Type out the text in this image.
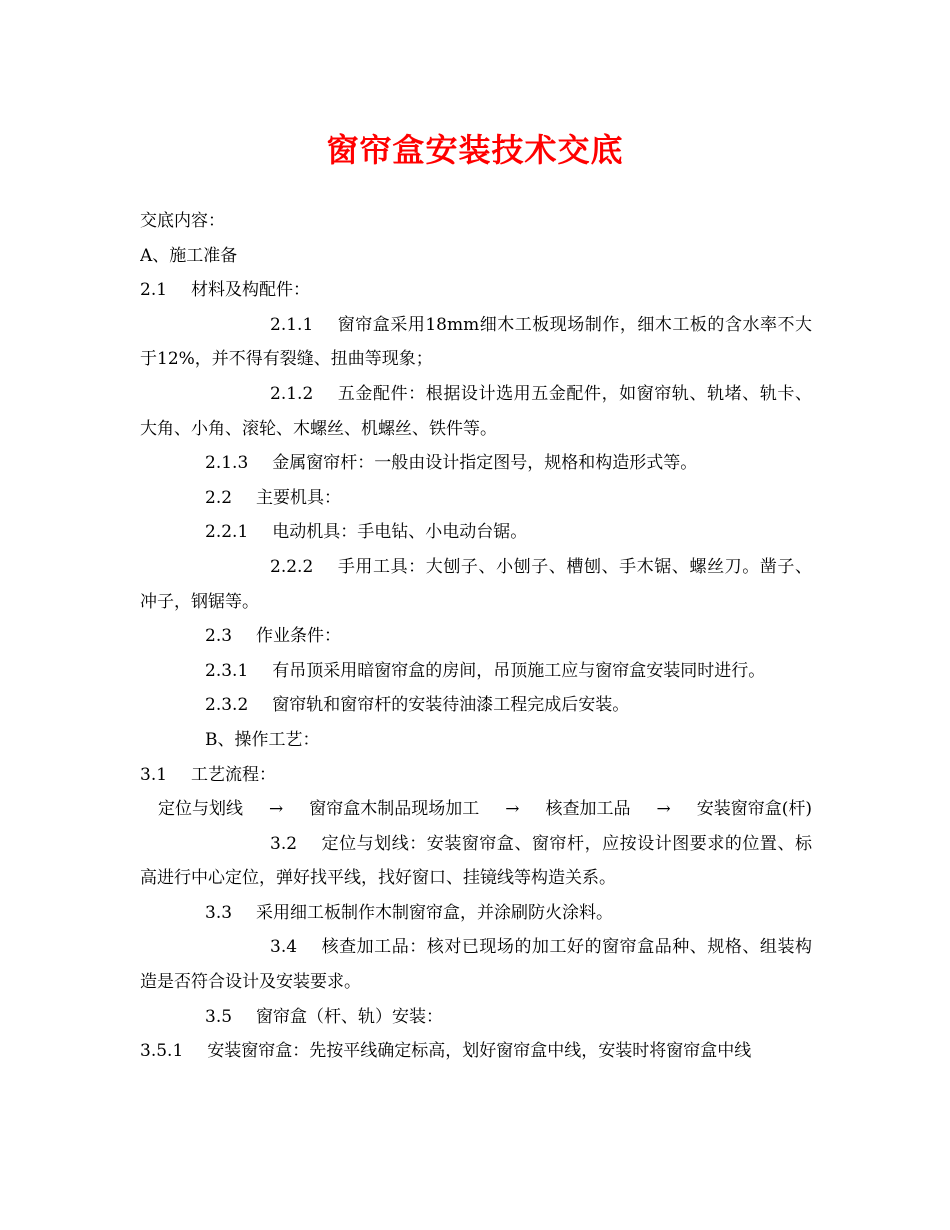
窗帘盒安装技术交底
交底内容：
A、施工准备
2.1 材料及构配件：
2.1.1 窗帘盒采用18mm细木工板现场制作，细木工板的含水率不大于12%，并不得有裂缝、扭曲等现象；
2.1.2 五金配件：根据设计选用五金配件，如窗帘轨、轨堵、轨卡、大角、小角、滚轮、木螺丝、机螺丝、铁件等。
2.1.3 金属窗帘杆：一般由设计指定图号，规格和构造形式等。
2.2 主要机具：
2.2.1 电动机具：手电钻、小电动台锯。
2.2.2 手用工具：大刨子、小刨子、槽刨、手木锯、螺丝刀。凿子、冲子，钢锯等。
2.3 作业条件：
2.3.1 有吊顶采用暗窗帘盒的房间，吊顶施工应与窗帘盒安装同时进行。
2.3.2 窗帘轨和窗帘杆的安装待油漆工程完成后安装。
B、操作工艺：
3.1 工艺流程：
定位与划线 → 窗帘盒木制品现场加工 → 核查加工品 → 安装窗帘盒(杆)
3.2 定位与划线：安装窗帘盒、窗帘杆，应按设计图要求的位置、标高进行中心定位，弹好找平线，找好窗口、挂镜线等构造关系。
3.3 采用细工板制作木制窗帘盒，并涂刷防火涂料。
3.4 核查加工品：核对已现场的加工好的窗帘盒品种、规格、组装构造是否符合设计及安装要求。
3.5 窗帘盒（杆、轨）安装：
3.5.1 安装窗帘盒：先按平线确定标高，划好窗帘盒中线，安装时将窗帘盒中线
